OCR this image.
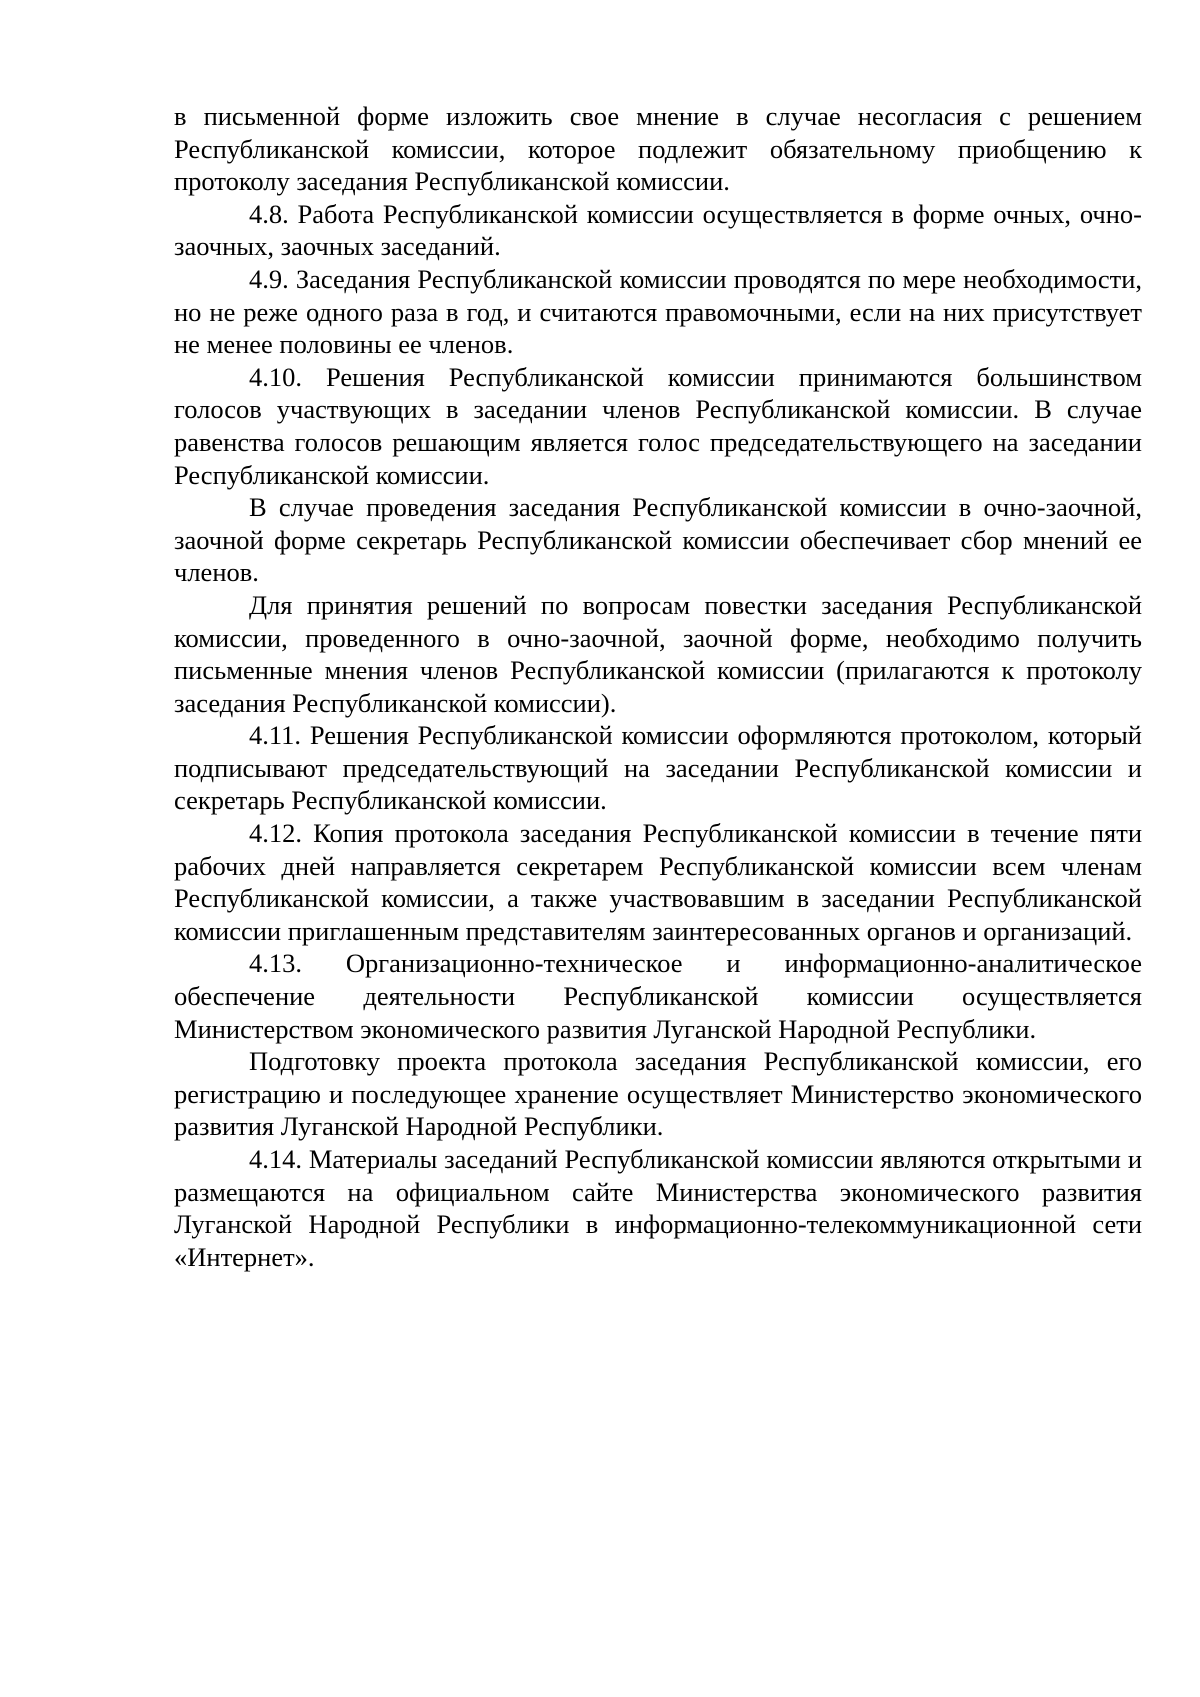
в письменной форме изложить свое мнение в случае несогласия с решением Республиканской комиссии, которое подлежит обязательному приобщению к протоколу заседания Республиканской комиссии.

4.8. Работа Республиканской комиссии осуществляется в форме очных, очно-заочных, заочных заседаний.

4.9. Заседания Республиканской комиссии проводятся по мере необходимости, но не реже одного раза в год, и считаются правомочными, если на них присутствует не менее половины ее членов.

4.10. Решения Республиканской комиссии принимаются большинством голосов участвующих в заседании членов Республиканской комиссии. В случае равенства голосов решающим является голос председательствующего на заседании Республиканской комиссии.

В случае проведения заседания Республиканской комиссии в очно-заочной, заочной форме секретарь Республиканской комиссии обеспечивает сбор мнений ее членов.

Для принятия решений по вопросам повестки заседания Республиканской комиссии, проведенного в очно-заочной, заочной форме, необходимо получить письменные мнения членов Республиканской комиссии (прилагаются к протоколу заседания Республиканской комиссии).

4.11. Решения Республиканской комиссии оформляются протоколом, который подписывают председательствующий на заседании Республиканской комиссии и секретарь Республиканской комиссии.

4.12. Копия протокола заседания Республиканской комиссии в течение пяти рабочих дней направляется секретарем Республиканской комиссии всем членам Республиканской комиссии, а также участвовавшим в заседании Республиканской комиссии приглашенным представителям заинтересованных органов и организаций.

4.13. Организационно-техническое и информационно-аналитическое обеспечение деятельности Республиканской комиссии осуществляется Министерством экономического развития Луганской Народной Республики.

Подготовку проекта протокола заседания Республиканской комиссии, его регистрацию и последующее хранение осуществляет Министерство экономического развития Луганской Народной Республики.

4.14. Материалы заседаний Республиканской комиссии являются открытыми и размещаются на официальном сайте Министерства экономического развития Луганской Народной Республики в информационно-телекоммуникационной сети «Интернет».
